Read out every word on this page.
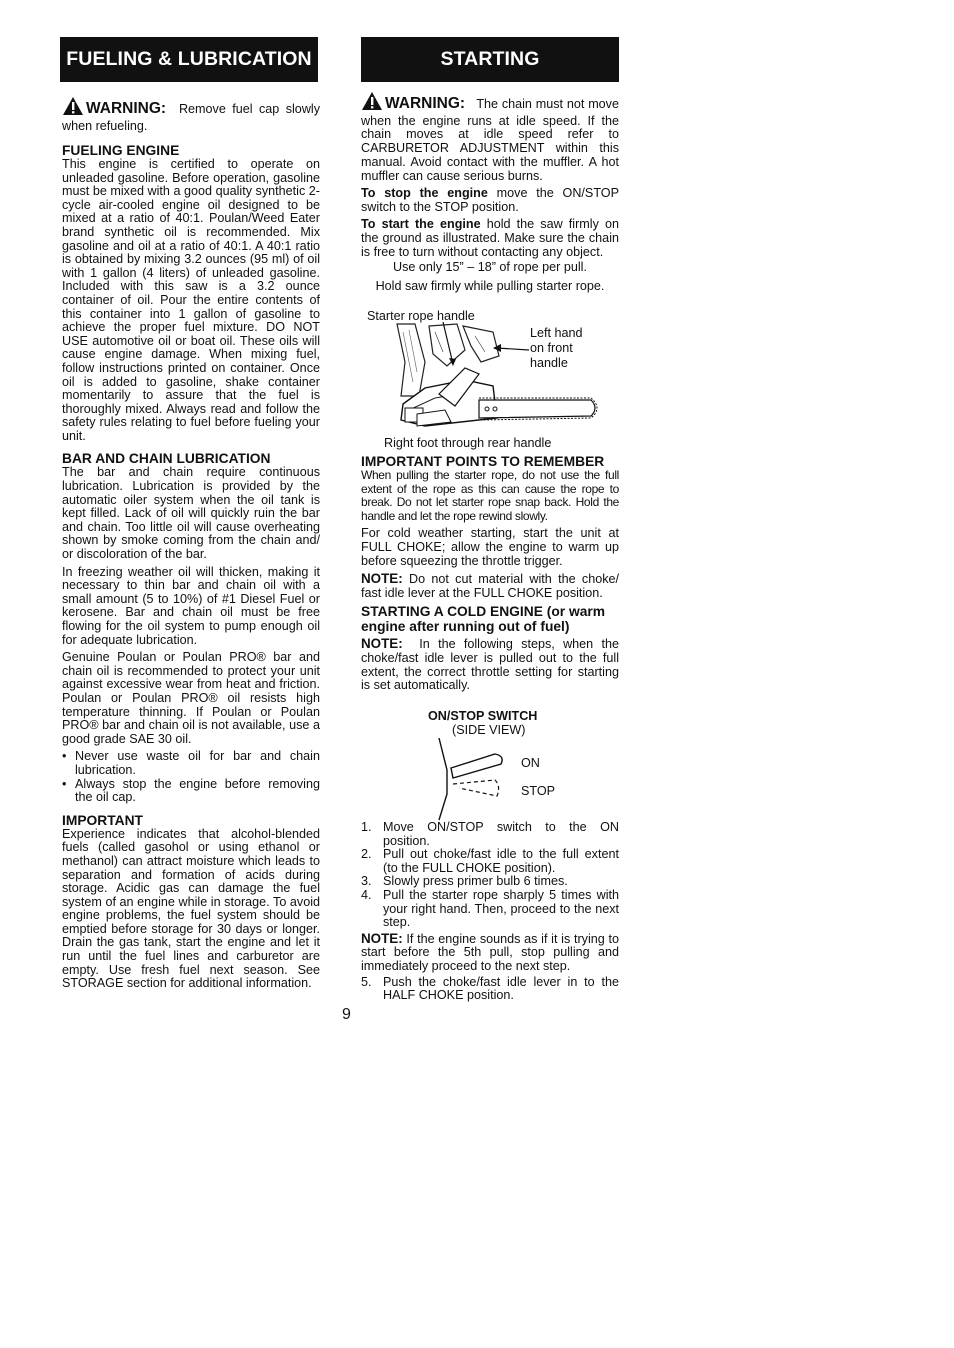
FUELING & LUBRICATION	STARTING

WARNING: Remove fuel cap slowly when refueling.

FUELING ENGINE

This engine is certified to operate on unleaded gasoline. Before operation, gasoline must be mixed with a good quality synthetic 2-cycle air-cooled engine oil designed to be mixed at a ratio of 40:1. Poulan/Weed Eater brand synthetic oil is recommended. Mix gasoline and oil at a ratio of 40:1. A 40:1 ratio is obtained by mixing 3.2 ounces (95 ml) of oil with 1 gallon (4 liters) of unleaded gasoline. Included with this saw is a 3.2 ounce container of oil. Pour the entire contents of this container into 1 gallon of gasoline to achieve the proper fuel mixture. DO NOT USE automotive oil or boat oil. These oils will cause engine damage. When mixing fuel, follow instructions printed on container. Once oil is added to gasoline, shake container momentarily to assure that the fuel is thoroughly mixed. Always read and follow the safety rules relating to fuel before fueling your unit.

BAR AND CHAIN LUBRICATION

The bar and chain require continuous lubrication. Lubrication is provided by the automatic oiler system when the oil tank is kept filled. Lack of oil will quickly ruin the bar and chain. Too little oil will cause overheating shown by smoke coming from the chain and/ or discoloration of the bar.

In freezing weather oil will thicken, making it necessary to thin bar and chain oil with a small amount (5 to 10%) of #1 Diesel Fuel or kerosene. Bar and chain oil must be free flowing for the oil system to pump enough oil for adequate lubrication.

Genuine Poulan or Poulan PRO® bar and chain oil is recommended to protect your unit against excessive wear from heat and friction. Poulan or Poulan PRO® oil resists high temperature thinning. If Poulan or Poulan PRO® bar and chain oil is not available, use a good grade SAE 30 oil.

• Never use waste oil for bar and chain lubrication.
• Always stop the engine before removing the oil cap.
IMPORTANT

Experience indicates that alcohol-blended fuels (called gasohol or using ethanol or methanol) can attract moisture which leads to separation and formation of acids during storage. Acidic gas can damage the fuel system of an engine while in storage. To avoid engine problems, the fuel system should be emptied before storage for 30 days or longer. Drain the gas tank, start the engine and let it run until the fuel lines and carburetor are empty. Use fresh fuel next season. See STORAGE section for additional information.

WARNING: The chain must not move when the engine runs at idle speed. If the chain moves at idle speed refer to CARBURETOR ADJUSTMENT within this manual. Avoid contact with the muffler. A hot muffler can cause serious burns.

To stop the engine move the ON/STOP switch to the STOP position.

To start the engine hold the saw firmly on the ground as illustrated. Make sure the chain is free to turn without contacting any object.

Use only 15” – 18” of rope per pull.

Hold saw firmly while pulling starter rope.

Starter rope handle
Left hand
on front
handle
Right foot through rear handle
IMPORTANT POINTS TO REMEMBER

When pulling the starter rope, do not use the full extent of the rope as this can cause the rope to break. Do not let starter rope snap back. Hold the handle and let the rope rewind slowly.

For cold weather starting, start the unit at FULL CHOKE; allow the engine to warm up before squeezing the throttle trigger.

NOTE: Do not cut material with the choke/ fast idle lever at the FULL CHOKE position.

STARTING A COLD ENGINE (or warm engine after running out of fuel)

NOTE: In the following steps, when the choke/fast idle lever is pulled out to the full extent, the correct throttle setting for starting is set automatically.

ON/STOP SWITCH
(SIDE VIEW)
ON
STOP
1. Move ON/STOP switch to the ON position.
2. Pull out choke/fast idle to the full extent (to the FULL CHOKE position).
3. Slowly press primer bulb 6 times.
4. Pull the starter rope sharply 5 times with your right hand. Then, proceed to the next step.

NOTE: If the engine sounds as if it is trying to start before the 5th pull, stop pulling and immediately proceed to the next step.

5. Push the choke/fast idle lever in to the HALF CHOKE position.
9
